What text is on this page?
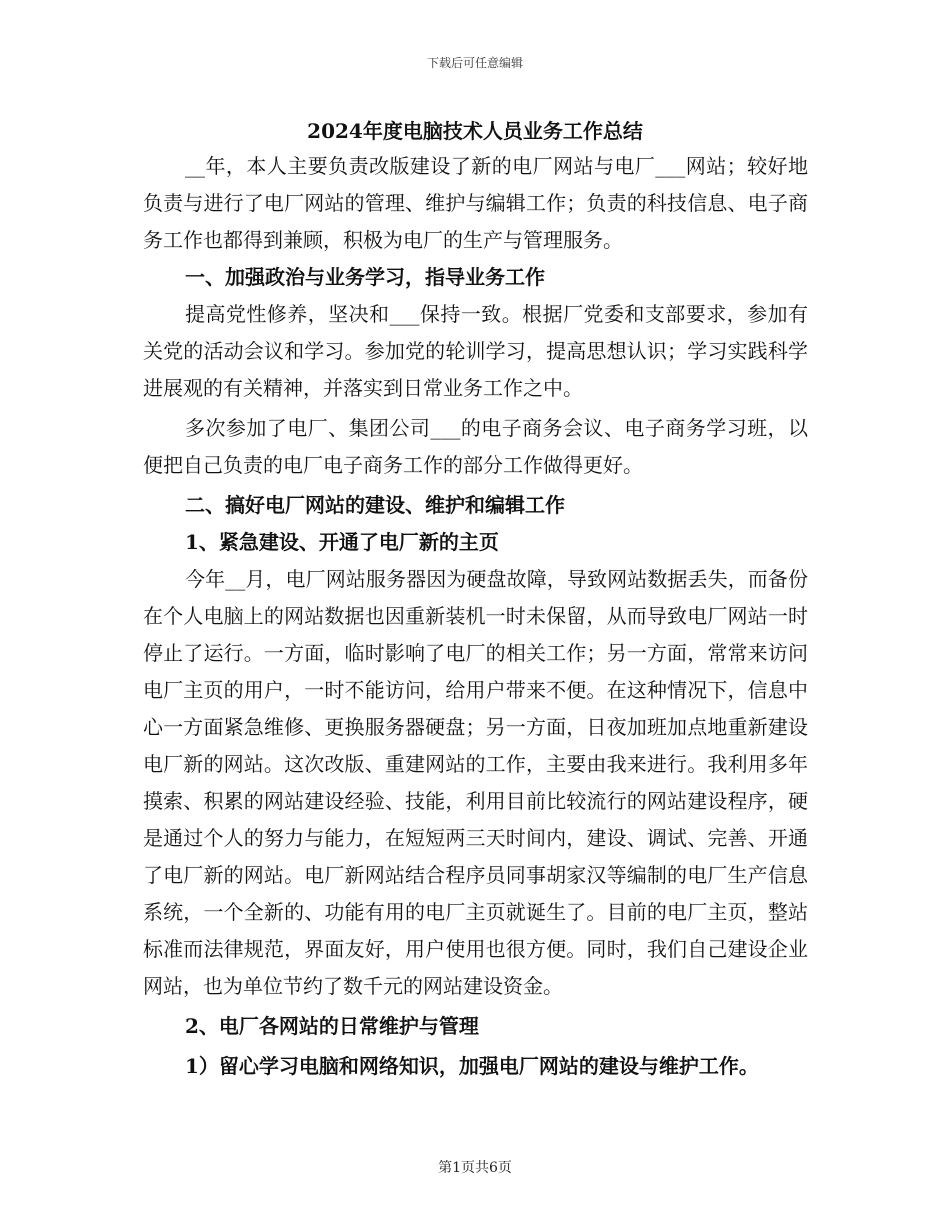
下载后可任意编辑
2024年度电脑技术人员业务工作总结

__年，本人主要负责改版建设了新的电厂网站与电厂___网站；较好地负责与进行了电厂网站的管理、维护与编辑工作；负责的科技信息、电子商务工作也都得到兼顾，积极为电厂的生产与管理服务。

一、加强政治与业务学习，指导业务工作

提高党性修养，坚决和___保持一致。根据厂党委和支部要求，参加有关党的活动会议和学习。参加党的轮训学习，提高思想认识；学习实践科学进展观的有关精神，并落实到日常业务工作之中。

多次参加了电厂、集团公司___的电子商务会议、电子商务学习班，以便把自己负责的电厂电子商务工作的部分工作做得更好。

二、搞好电厂网站的建设、维护和编辑工作

1、紧急建设、开通了电厂新的主页

今年__月，电厂网站服务器因为硬盘故障，导致网站数据丢失，而备份在个人电脑上的网站数据也因重新装机一时未保留，从而导致电厂网站一时停止了运行。一方面，临时影响了电厂的相关工作；另一方面，常常来访问电厂主页的用户，一时不能访问，给用户带来不便。在这种情况下，信息中心一方面紧急维修、更换服务器硬盘；另一方面，日夜加班加点地重新建设电厂新的网站。这次改版、重建网站的工作，主要由我来进行。我利用多年摸索、积累的网站建设经验、技能，利用目前比较流行的网站建设程序，硬是通过个人的努力与能力，在短短两三天时间内，建设、调试、完善、开通了电厂新的网站。电厂新网站结合程序员同事胡家汉等编制的电厂生产信息系统，一个全新的、功能有用的电厂主页就诞生了。目前的电厂主页，整站标准而法律规范，界面友好，用户使用也很方便。同时，我们自己建设企业网站，也为单位节约了数千元的网站建设资金。

2、电厂各网站的日常维护与管理

1）留心学习电脑和网络知识，加强电厂网站的建设与维护工作。

第1页共6页
